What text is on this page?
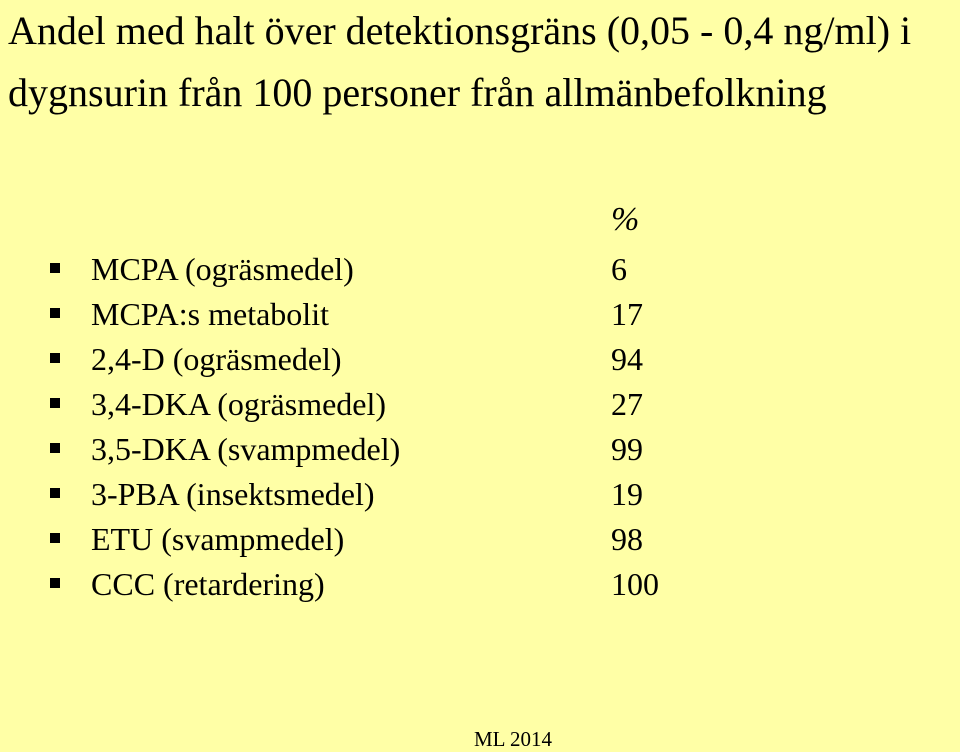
Andel med halt över detektionsgräns (0,05 - 0,4 ng/ml) i dygnsurin från 100 personer från allmänbefolkning
%
MCPA (ogräsmedel)	6
MCPA:s metabolit	17
2,4-D (ogräsmedel)	94
3,4-DKA (ogräsmedel)	27
3,5-DKA (svampmedel)	99
3-PBA (insektsmedel)	19
ETU (svampmedel)	98
CCC (retardering)	100
ML 2014
